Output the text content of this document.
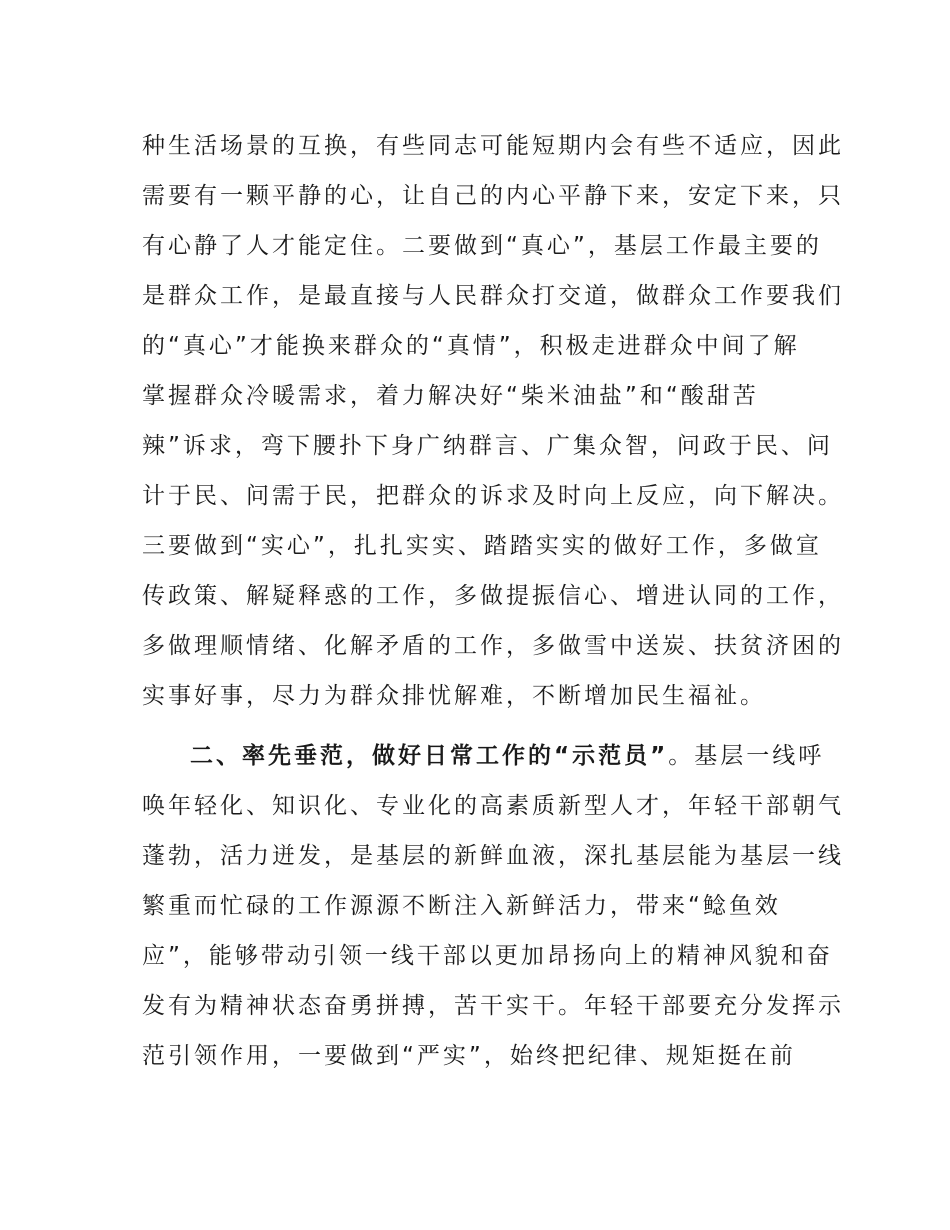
种生活场景的互换，有些同志可能短期内会有些不适应，因此
需要有一颗平静的心，让自己的内心平静下来，安定下来，只
有心静了人才能定住。二要做到“真心”，基层工作最主要的
是群众工作，是最直接与人民群众打交道，做群众工作要我们
的“真心”才能换来群众的“真情”，积极走进群众中间了解
掌握群众冷暖需求，着力解决好“柴米油盐”和“酸甜苦
辣”诉求，弯下腰扑下身广纳群言、广集众智，问政于民、问
计于民、问需于民，把群众的诉求及时向上反应，向下解决。
三要做到“实心”，扎扎实实、踏踏实实的做好工作，多做宣
传政策、解疑释惑的工作，多做提振信心、增进认同的工作，
多做理顺情绪、化解矛盾的工作，多做雪中送炭、扶贫济困的
实事好事，尽力为群众排忧解难，不断增加民生福祉。
二、率先垂范，做好日常工作的“示范员”。基层一线呼
唤年轻化、知识化、专业化的高素质新型人才，年轻干部朝气
蓬勃，活力迸发，是基层的新鲜血液，深扎基层能为基层一线
繁重而忙碌的工作源源不断注入新鲜活力，带来“鲶鱼效
应”，能够带动引领一线干部以更加昂扬向上的精神风貌和奋
发有为精神状态奋勇拼搏，苦干实干。年轻干部要充分发挥示
范引领作用，一要做到“严实”，始终把纪律、规矩挺在前
